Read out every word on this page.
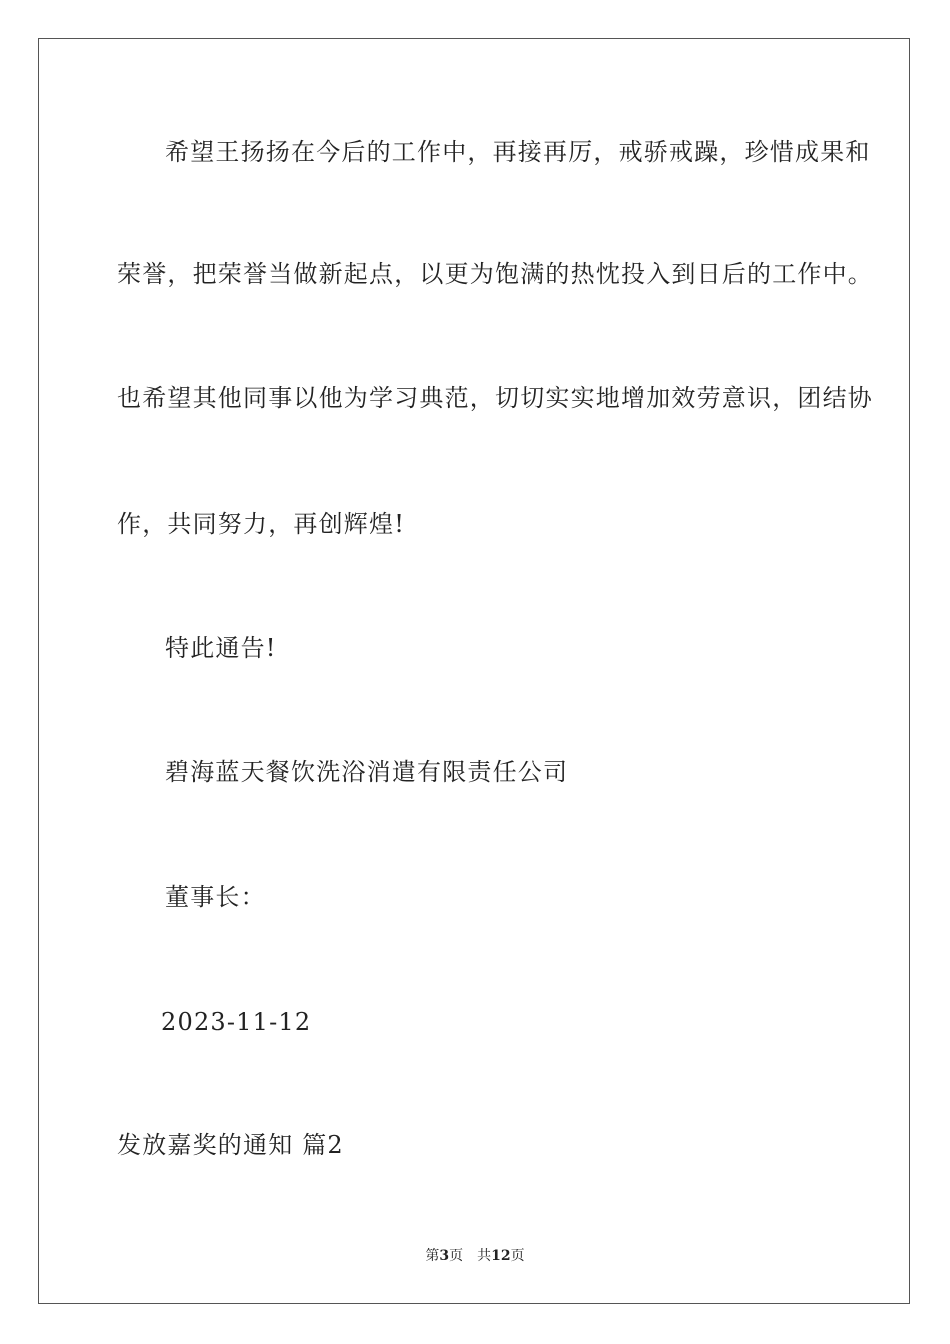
希望王扬扬在今后的工作中，再接再厉，戒骄戒躁，珍惜成果和
荣誉，把荣誉当做新起点，以更为饱满的热忱投入到日后的工作中。
也希望其他同事以他为学习典范，切切实实地增加效劳意识，团结协
作，共同努力，再创辉煌!
特此通告!
碧海蓝天餐饮洗浴消遣有限责任公司
董事长：
2023-11-12
发放嘉奖的通知 篇2
第3页　共12页
